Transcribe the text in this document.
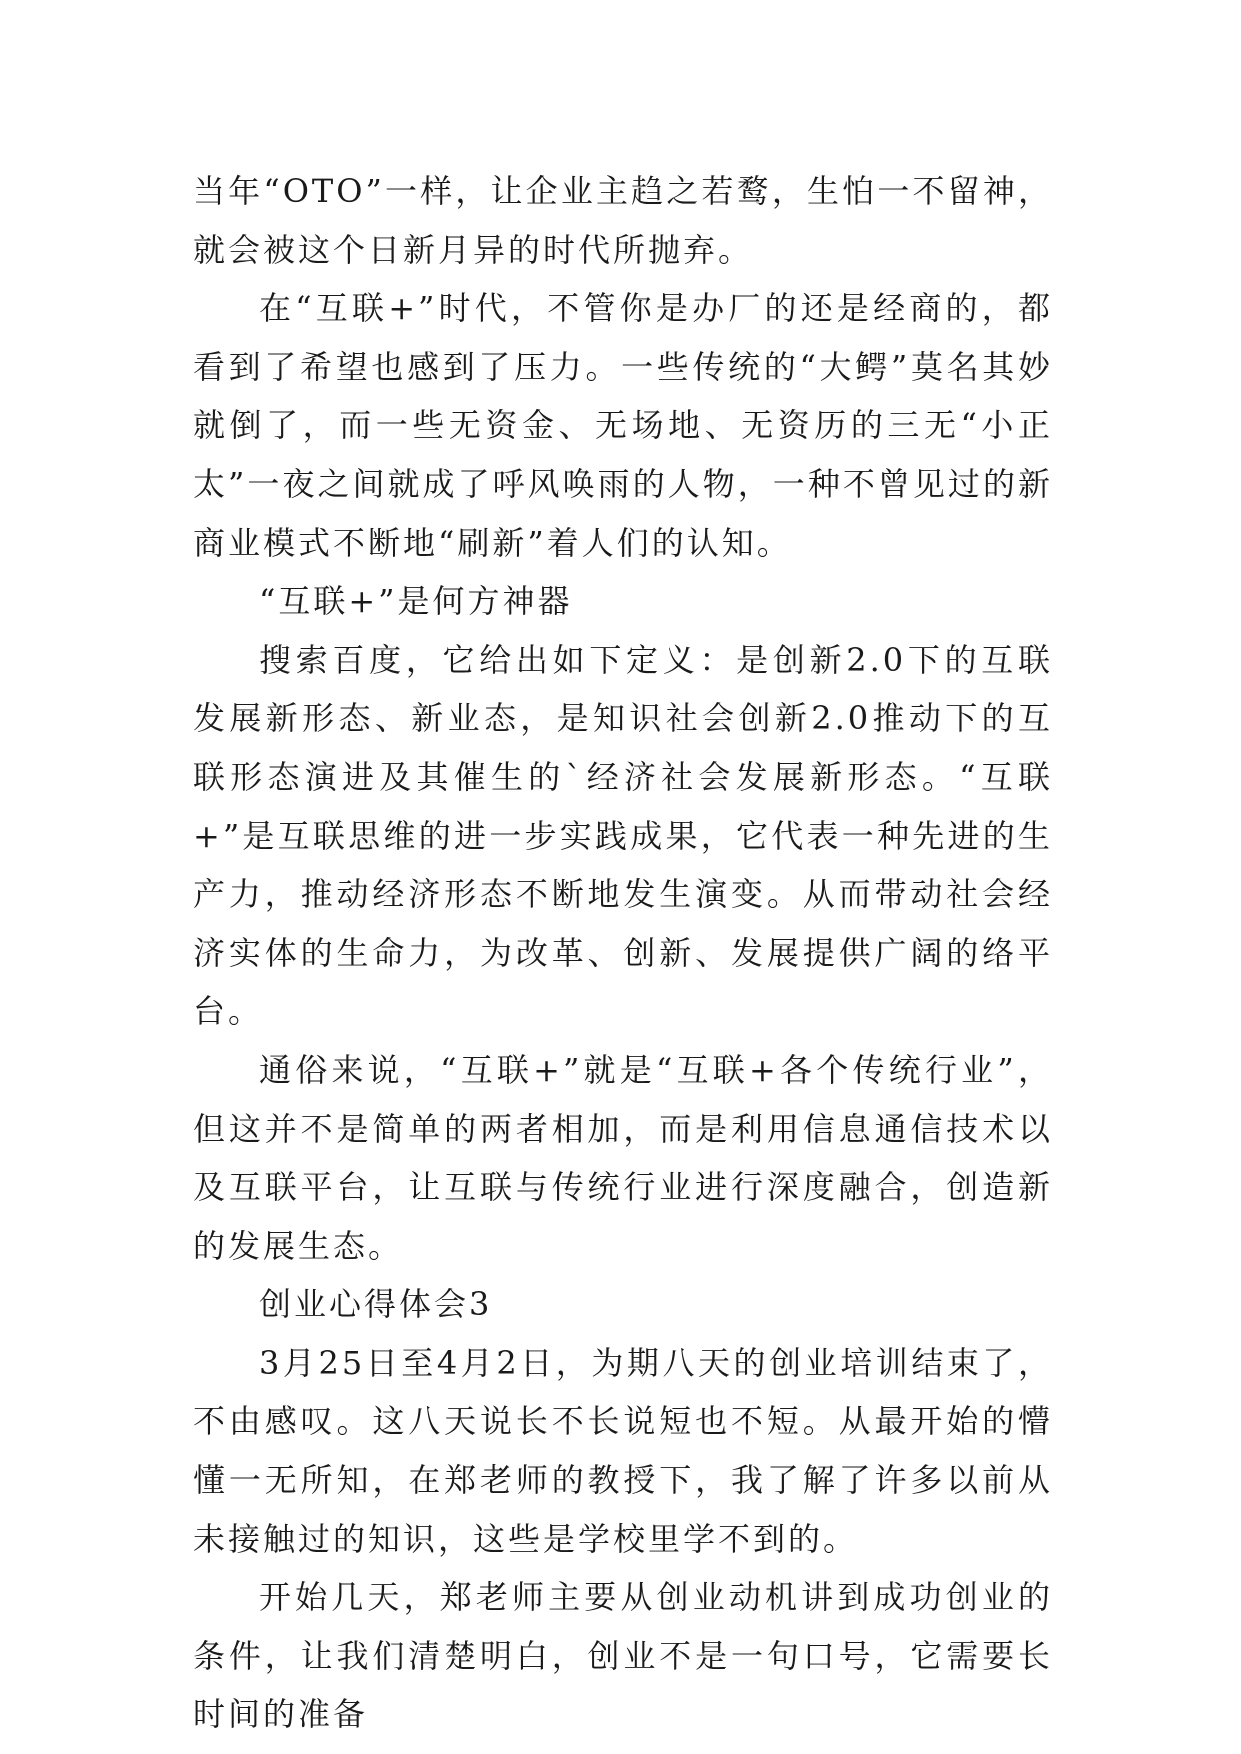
当年“OTO”一样，让企业主趋之若鹜，生怕一不留神，就会被这个日新月异的时代所抛弃。

在“互联+”时代，不管你是办厂的还是经商的，都看到了希望也感到了压力。一些传统的“大鳄”莫名其妙就倒了，而一些无资金、无场地、无资历的三无“小正太”一夜之间就成了呼风唤雨的人物，一种不曾见过的新商业模式不断地“刷新”着人们的认知。

“互联+”是何方神器

搜索百度，它给出如下定义：是创新2.0下的互联发展新形态、新业态，是知识社会创新2.0推动下的互联形态演进及其催生的`经济社会发展新形态。“互联+”是互联思维的进一步实践成果，它代表一种先进的生产力，推动经济形态不断地发生演变。从而带动社会经济实体的生命力，为改革、创新、发展提供广阔的络平台。

通俗来说，“互联+”就是“互联+各个传统行业”，但这并不是简单的两者相加，而是利用信息通信技术以及互联平台，让互联与传统行业进行深度融合，创造新的发展生态。

创业心得体会3

3月25日至4月2日，为期八天的创业培训结束了，不由感叹。这八天说长不长说短也不短。从最开始的懵懂一无所知，在郑老师的教授下，我了解了许多以前从未接触过的知识，这些是学校里学不到的。

开始几天，郑老师主要从创业动机讲到成功创业的条件，让我们清楚明白，创业不是一句口号，它需要长时间的准备
